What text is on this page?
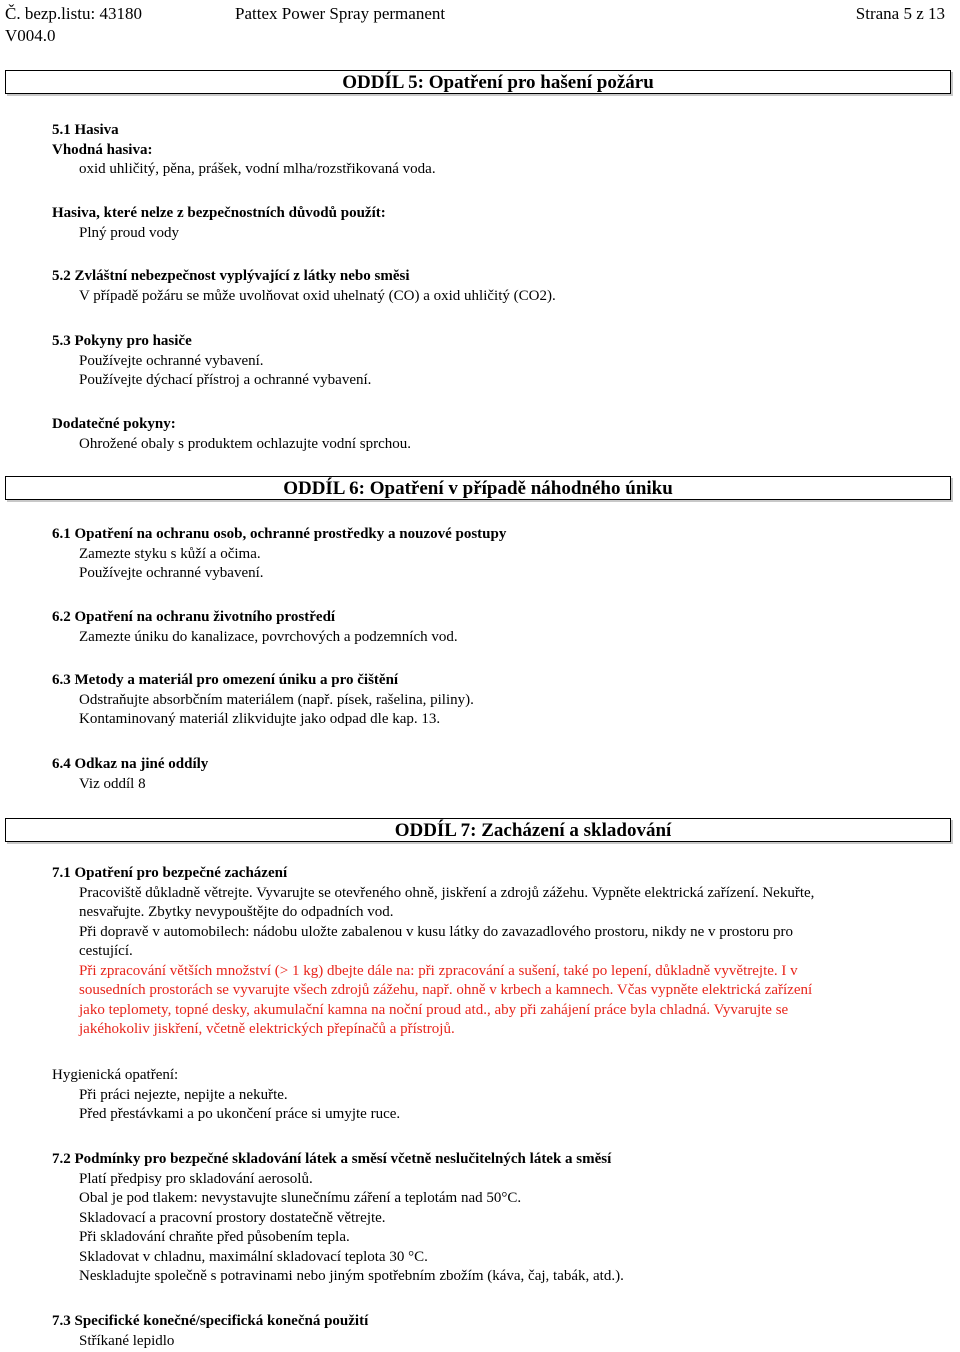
Č. bezp.listu: 43180
V004.0
Pattex Power Spray permanent	Strana 5 z 13
ODDÍL 5: Opatření pro hašení požáru

5.1 Hasiva

Vhodná hasiva:

oxid uhličitý, pěna, prášek, vodní mlha/rozstřikovaná voda.

Hasiva, které nelze z bezpečnostních důvodů použít:

Plný proud vody

5.2 Zvláštní nebezpečnost vyplývající z látky nebo směsi

V případě požáru se může uvolňovat oxid uhelnatý (CO) a oxid uhličitý (CO2).

5.3 Pokyny pro hasiče

Používejte ochranné vybavení.

Používejte dýchací přístroj a ochranné vybavení.

Dodatečné pokyny:

Ohrožené obaly s produktem ochlazujte vodní sprchou.

ODDÍL 6: Opatření v případě náhodného úniku

6.1 Opatření na ochranu osob, ochranné prostředky a nouzové postupy

Zamezte styku s kůží a očima.

Používejte ochranné vybavení.

6.2 Opatření na ochranu životního prostředí

Zamezte úniku do kanalizace, povrchových a podzemních vod.

6.3 Metody a materiál pro omezení úniku a pro čištění

Odstraňujte absorbčním materiálem (např. písek, rašelina, piliny).

Kontaminovaný materiál zlikvidujte jako odpad dle kap. 13.

6.4 Odkaz na jiné oddíly

Viz oddíl 8

ODDÍL 7: Zacházení a skladování

7.1 Opatření pro bezpečné zacházení

Pracoviště důkladně větrejte. Vyvarujte se otevřeného ohně, jiskření a zdrojů zážehu. Vypněte elektrická zařízení. Nekuřte,

nesvařujte. Zbytky nevypouštějte do odpadních vod.

Při dopravě v automobilech: nádobu uložte zabalenou v kusu látky do zavazadlového prostoru, nikdy ne v prostoru pro

cestující.

Při zpracování větších množství (> 1 kg) dbejte dále na: při zpracování a sušení, také po lepení, důkladně vyvětrejte. I v

sousedních prostorách se vyvarujte všech zdrojů zážehu, např. ohně v krbech a kamnech. Včas vypněte elektrická zařízení

jako teplomety, topné desky, akumulační kamna na noční proud atd., aby při zahájení práce byla chladná. Vyvarujte se

jakéhokoliv jiskření, včetně elektrických přepínačů a přístrojů.

Hygienická opatření:

Při práci nejezte, nepijte a nekuřte.

Před přestávkami a po ukončení práce si umyjte ruce.

7.2 Podmínky pro bezpečné skladování látek a směsí včetně neslučitelných látek a směsí

Platí předpisy pro skladování aerosolů.

Obal je pod tlakem: nevystavujte slunečnímu záření a teplotám nad 50°C.

Skladovací a pracovní prostory dostatečně větrejte.

Při skladování chraňte před působením tepla.

Skladovat v chladnu, maximální skladovací teplota 30 °C.

Neskladujte společně s potravinami nebo jiným spotřebním zbožím (káva, čaj, tabák, atd.).

7.3 Specifické konečné/specifická konečná použití

Stříkané lepidlo
